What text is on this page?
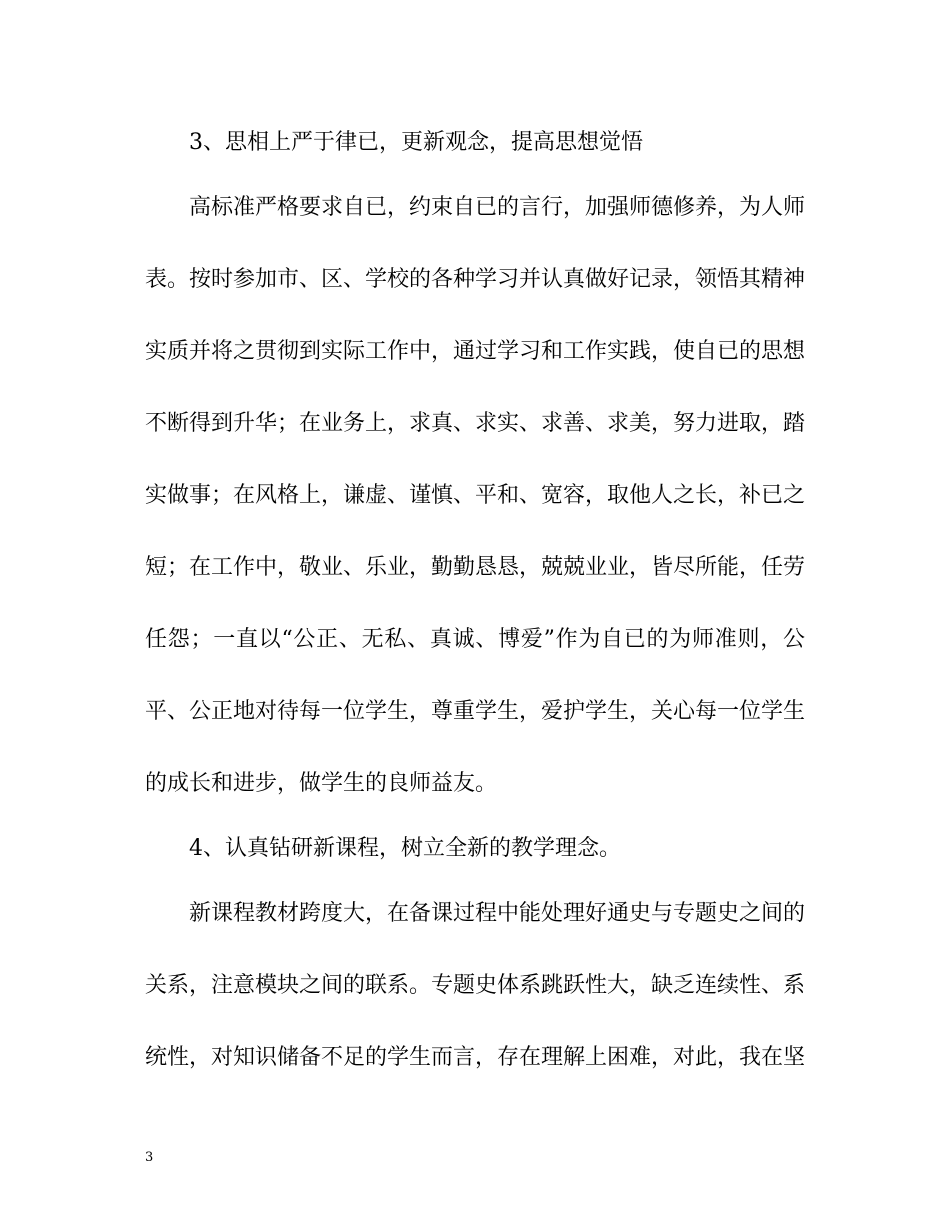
3、思相上严于律已，更新观念，提高思想觉悟
高标准严格要求自已，约束自已的言行，加强师德修养，为人师
表。按时参加市、区、学校的各种学习并认真做好记录，领悟其精神
实质并将之贯彻到实际工作中，通过学习和工作实践，使自已的思想
不断得到升华；在业务上，求真、求实、求善、求美，努力进取，踏
实做事；在风格上，谦虚、谨慎、平和、宽容，取他人之长，补已之
短；在工作中，敬业、乐业，勤勤恳恳，兢兢业业，皆尽所能，任劳
任怨；一直以“公正、无私、真诚、博爱”作为自已的为师准则，公
平、公正地对待每一位学生，尊重学生，爱护学生，关心每一位学生
的成长和进步，做学生的良师益友。
4、认真钻研新课程，树立全新的教学理念。
新课程教材跨度大，在备课过程中能处理好通史与专题史之间的
关系，注意模块之间的联系。专题史体系跳跃性大，缺乏连续性、系
统性，对知识储备不足的学生而言，存在理解上困难，对此，我在坚
3
